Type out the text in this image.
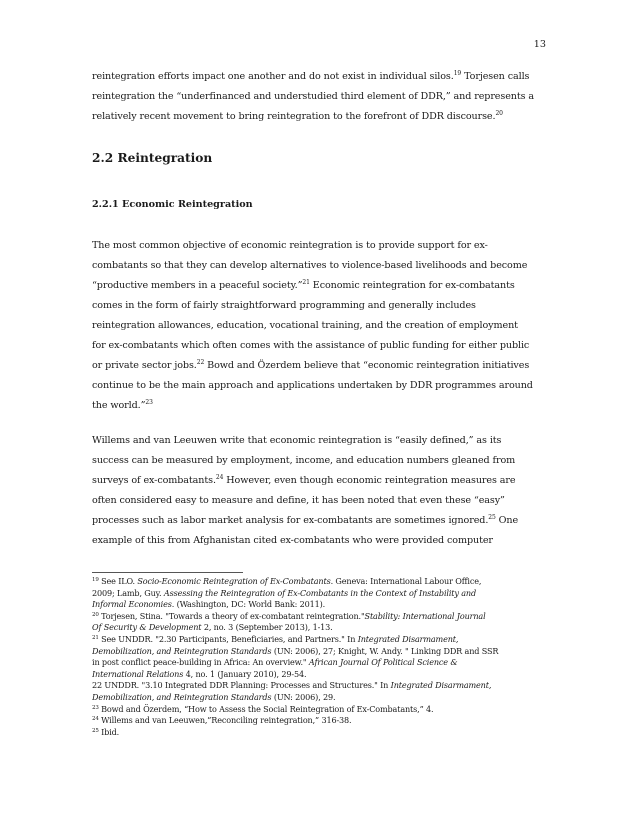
13
reintegration efforts impact one another and do not exist in individual silos.$^{19}$ Torjesen calls
reintegration the “underfinanced and understudied third element of DDR,” and represents a
relatively recent movement to bring reintegration to the forefront of DDR discourse.$^{20}$
2.2 Reintegration
2.2.1 Economic Reintegration
The most common objective of economic reintegration is to provide support for ex-
combatants so that they can develop alternatives to violence-based livelihoods and become
“productive members in a peaceful society.”$^{21}$ Economic reintegration for ex-combatants
comes in the form of fairly straightforward programming and generally includes
reintegration allowances, education, vocational training, and the creation of employment
for ex-combatants which often comes with the assistance of public funding for either public
or private sector jobs.$^{22}$ Bowd and Özerdem believe that “economic reintegration initiatives
continue to be the main approach and applications undertaken by DDR programmes around
the world.”$^{23}$
Willems and van Leeuwen write that economic reintegration is “easily defined,” as its
success can be measured by employment, income, and education numbers gleaned from
surveys of ex-combatants.$^{24}$ However, even though economic reintegration measures are
often considered easy to measure and define, it has been noted that even these “easy”
processes such as labor market analysis for ex-combatants are sometimes ignored.$^{25}$ One
example of this from Afghanistan cited ex-combatants who were provided computer
$^{19}$ See ILO. Socio-Economic Reintegration of Ex-Combatants. Geneva: International Labour Office,
2009; Lamb, Guy. Assessing the Reintegration of Ex-Combatants in the Context of Instability and
Informal Economies. (Washington, DC: World Bank: 2011).
$^{20}$ Torjesen, Stina. "Towards a theory of ex-combatant reintegration."Stability: International Journal
Of Security & Development 2, no. 3 (September 2013), 1-13.
$^{21}$ See UNDDR. "2.30 Participants, Beneficiaries, and Partners." In Integrated Disarmament,
Demobilization, and Reintegration Standards (UN: 2006), 27; Knight, W. Andy. " Linking DDR and SSR
in post conflict peace-building in Africa: An overview." African Journal Of Political Science &
International Relations 4, no. 1 (January 2010), 29-54.
22 UNDDR. "3.10 Integrated DDR Planning: Processes and Structures." In Integrated Disarmament,
Demobilization, and Reintegration Standards (UN: 2006), 29.
$^{23}$ Bowd and Özerdem, “How to Assess the Social Reintegration of Ex-Combatants,” 4.
$^{24}$ Willems and van Leeuwen,”Reconciling reintegration,” 316-38.
$^{25}$ Ibid.
